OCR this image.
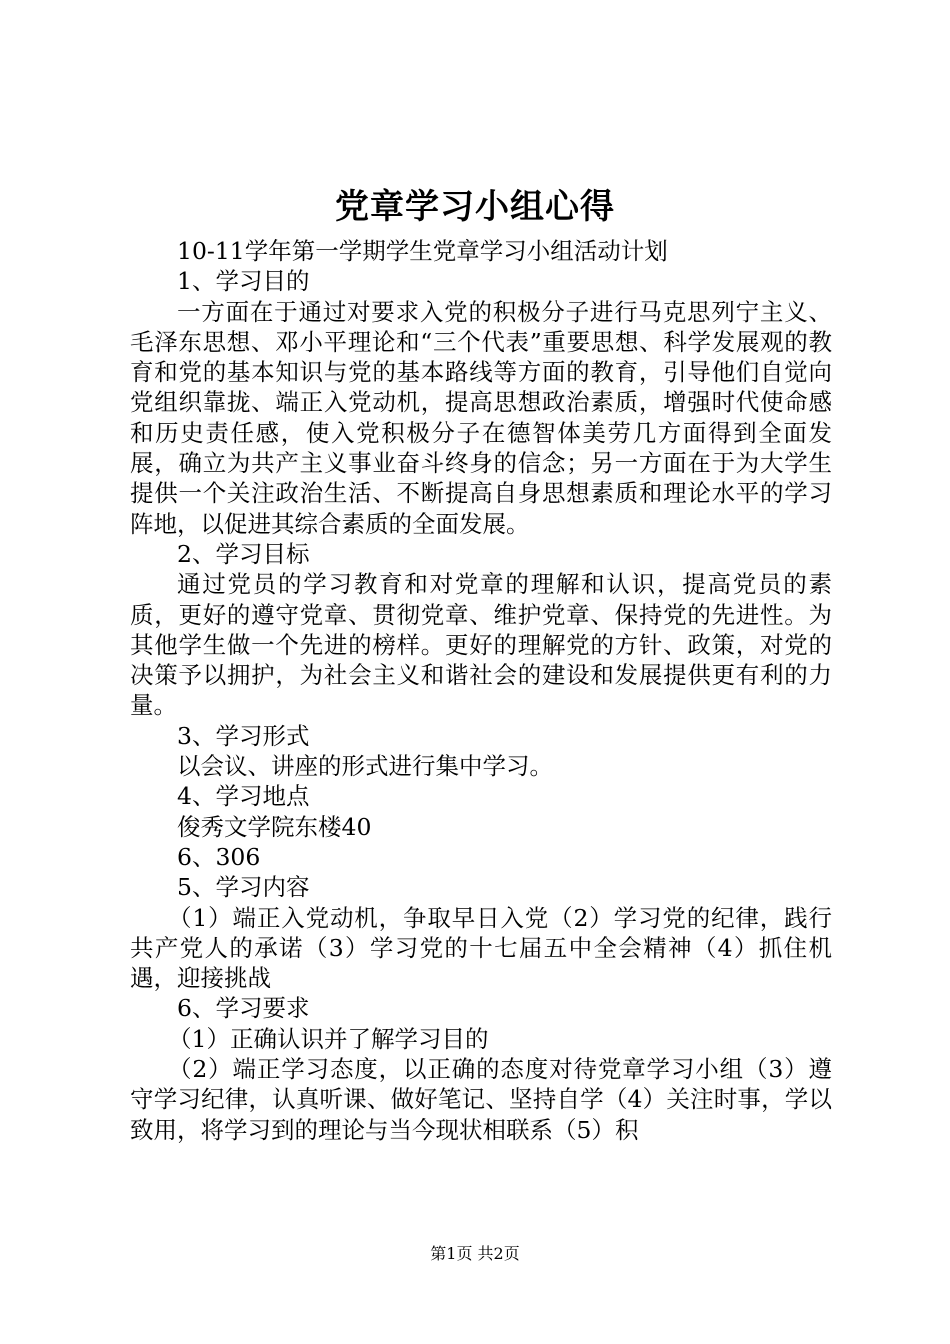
党章学习小组心得

10-11学年第一学期学生党章学习小组活动计划

1、学习目的

一方面在于通过对要求入党的积极分子进行马克思列宁主义、毛泽东思想、邓小平理论和“三个代表”重要思想、科学发展观的教育和党的基本知识与党的基本路线等方面的教育，引导他们自觉向党组织靠拢、端正入党动机，提高思想政治素质，增强时代使命感和历史责任感，使入党积极分子在德智体美劳几方面得到全面发展，确立为共产主义事业奋斗终身的信念；另一方面在于为大学生提供一个关注政治生活、不断提高自身思想素质和理论水平的学习阵地，以促进其综合素质的全面发展。

2、学习目标

通过党员的学习教育和对党章的理解和认识，提高党员的素质，更好的遵守党章、贯彻党章、维护党章、保持党的先进性。为其他学生做一个先进的榜样。更好的理解党的方针、政策，对党的决策予以拥护，为社会主义和谐社会的建设和发展提供更有利的力量。

3、学习形式

以会议、讲座的形式进行集中学习。

4、学习地点

俊秀文学院东楼40

6、306

5、学习内容

（1）端正入党动机，争取早日入党（2）学习党的纪律，践行共产党人的承诺（3）学习党的十七届五中全会精神（4）抓住机遇，迎接挑战

6、学习要求

（1）正确认识并了解学习目的

（2）端正学习态度，以正确的态度对待党章学习小组（3）遵守学习纪律，认真听课、做好笔记、坚持自学（4）关注时事，学以致用，将学习到的理论与当今现状相联系（5）积

第1页 共2页
